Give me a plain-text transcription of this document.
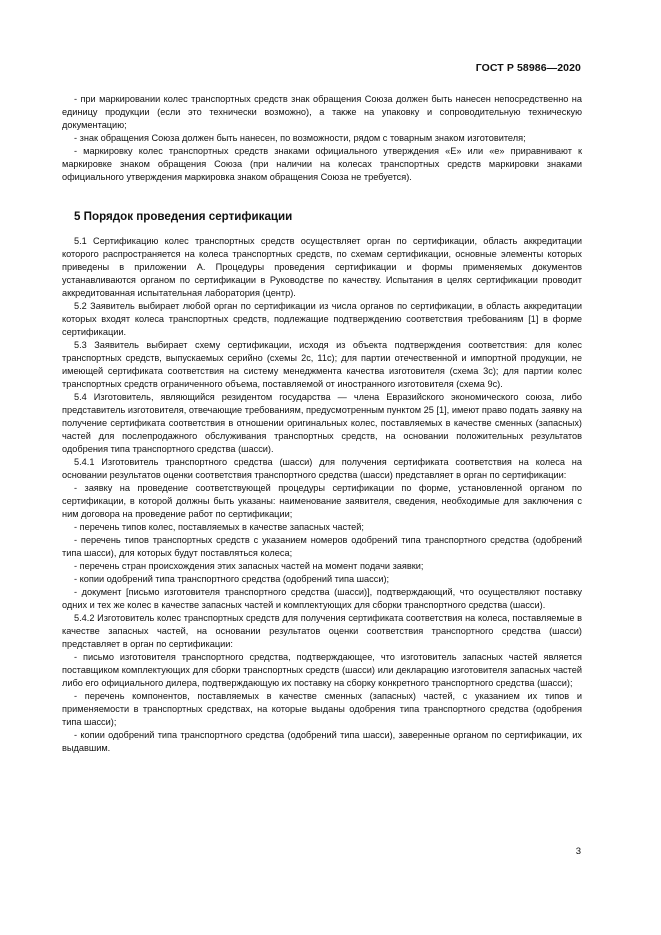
ГОСТ Р 58986—2020

- при маркировании колес транспортных средств знак обращения Союза должен быть нанесен непосредственно на единицу продукции (если это технически возможно), а также на упаковку и сопроводительную техническую документацию;

- знак обращения Союза должен быть нанесен, по возможности, рядом с товарным знаком изготовителя;

- маркировку колес транспортных средств знаками официального утверждения «Е» или «е» приравнивают к маркировке знаком обращения Союза (при наличии на колесах транспортных средств маркировки знаками официального утверждения маркировка знаком обращения Союза не требуется).

5 Порядок проведения сертификации

5.1 Сертификацию колес транспортных средств осуществляет орган по сертификации, область аккредитации которого распространяется на колеса транспортных средств, по схемам сертификации, основные элементы которых приведены в приложении А. Процедуры проведения сертификации и формы применяемых документов устанавливаются органом по сертификации в Руководстве по качеству. Испытания в целях сертификации проводит аккредитованная испытательная лаборатория (центр).

5.2 Заявитель выбирает любой орган по сертификации из числа органов по сертификации, в область аккредитации которых входят колеса транспортных средств, подлежащие подтверждению соответствия требованиям [1] в форме сертификации.

5.3 Заявитель выбирает схему сертификации, исходя из объекта подтверждения соответствия: для колес транспортных средств, выпускаемых серийно (схемы 2с, 11с); для партии отечественной и импортной продукции, не имеющей сертификата соответствия на систему менеджмента качества изготовителя (схема 3с); для партии колес транспортных средств ограниченного объема, поставляемой от иностранного изготовителя (схема 9с).

5.4 Изготовитель, являющийся резидентом государства — члена Евразийского экономического союза, либо представитель изготовителя, отвечающие требованиям, предусмотренным пунктом 25 [1], имеют право подать заявку на получение сертификата соответствия в отношении оригинальных колес, поставляемых в качестве сменных (запасных) частей для послепродажного обслуживания транспортных средств, на основании положительных результатов одобрения типа транспортного средства (шасси).

5.4.1 Изготовитель транспортного средства (шасси) для получения сертификата соответствия на колеса на основании результатов оценки соответствия транспортного средства (шасси) представляет в орган по сертификации:

- заявку на проведение соответствующей процедуры сертификации по форме, установленной органом по сертификации, в которой должны быть указаны: наименование заявителя, сведения, необходимые для заключения с ним договора на проведение работ по сертификации;

- перечень типов колес, поставляемых в качестве запасных частей;

- перечень типов транспортных средств с указанием номеров одобрений типа транспортного средства (одобрений типа шасси), для которых будут поставляться колеса;

- перечень стран происхождения этих запасных частей на момент подачи заявки;

- копии одобрений типа транспортного средства (одобрений типа шасси);

- документ [письмо изготовителя транспортного средства (шасси)], подтверждающий, что осуществляют поставку одних и тех же колес в качестве запасных частей и комплектующих для сборки транспортного средства (шасси).

5.4.2 Изготовитель колес транспортных средств для получения сертификата соответствия на колеса, поставляемые в качестве запасных частей, на основании результатов оценки соответствия транспортного средства (шасси) представляет в орган по сертификации:

- письмо изготовителя транспортного средства, подтверждающее, что изготовитель запасных частей является поставщиком комплектующих для сборки транспортных средств (шасси) или декларацию изготовителя запасных частей либо его официального дилера, подтверждающую их поставку на сборку конкретного транспортного средства (шасси);

- перечень компонентов, поставляемых в качестве сменных (запасных) частей, с указанием их типов и применяемости в транспортных средствах, на которые выданы одобрения типа транспортного средства (одобрения типа шасси);

- копии одобрений типа транспортного средства (одобрений типа шасси), заверенные органом по сертификации, их выдавшим.

3
